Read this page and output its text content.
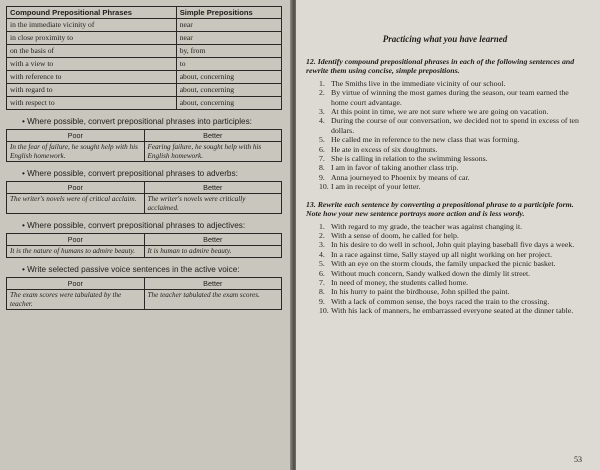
Compound Prepositional Phrases	Simple Prepositions
in the immediate vicinity of	near
in close proximity to	near
on the basis of	by, from
with a view to	to
with reference to	about, concerning
with regard to	about, concerning
with respect to	about, concerning
• Where possible, convert prepositional phrases into participles:
Poor	Better
In the fear of failure, he sought help with his English homework.	Fearing failure, he sought help with his English homework.
• Where possible, convert prepositional phrases to adverbs:
Poor	Better
The writer's novels were of critical acclaim.	The writer's novels were critically acclaimed.
• Where possible, convert prepositional phrases to adjectives:
Poor	Better
It is the nature of humans to admire beauty.	It is human to admire beauty.
• Write selected passive voice sentences in the active voice:
Poor	Better
The exam scores were tabulated by the teacher.	The teacher tabulated the exam scores.
Practicing what you have learned
12. Identify compound prepositional phrases in each of the following sentences and rewrite them using concise, simple prepositions.
1. The Smiths live in the immediate vicinity of our school.
2. By virtue of winning the most games during the season, our team earned the home court advantage.
3. At this point in time, we are not sure where we are going on vacation.
4. During the course of our conversation, we decided not to spend in excess of ten dollars.
5. He called me in reference to the new class that was forming.
6. He ate in excess of six doughnuts.
7. She is calling in relation to the swimming lessons.
8. I am in favor of taking another class trip.
9. Anna journeyed to Phoenix by means of car.
10. I am in receipt of your letter.
13. Rewrite each sentence by converting a prepositional phrase to a participle form. Note how your new sentence portrays more action and is less wordy.
1. With regard to my grade, the teacher was against changing it.
2. With a sense of doom, he called for help.
3. In his desire to do well in school, John quit playing baseball five days a week.
4. In a race against time, Sally stayed up all night working on her project.
5. With an eye on the storm clouds, the family unpacked the picnic basket.
6. Without much concern, Sandy walked down the dimly lit street.
7. In need of money, the students called home.
8. In his hurry to paint the birdhouse, John spilled the paint.
9. With a lack of common sense, the boys raced the train to the crossing.
10. With his lack of manners, he embarrassed everyone seated at the dinner table.
53
